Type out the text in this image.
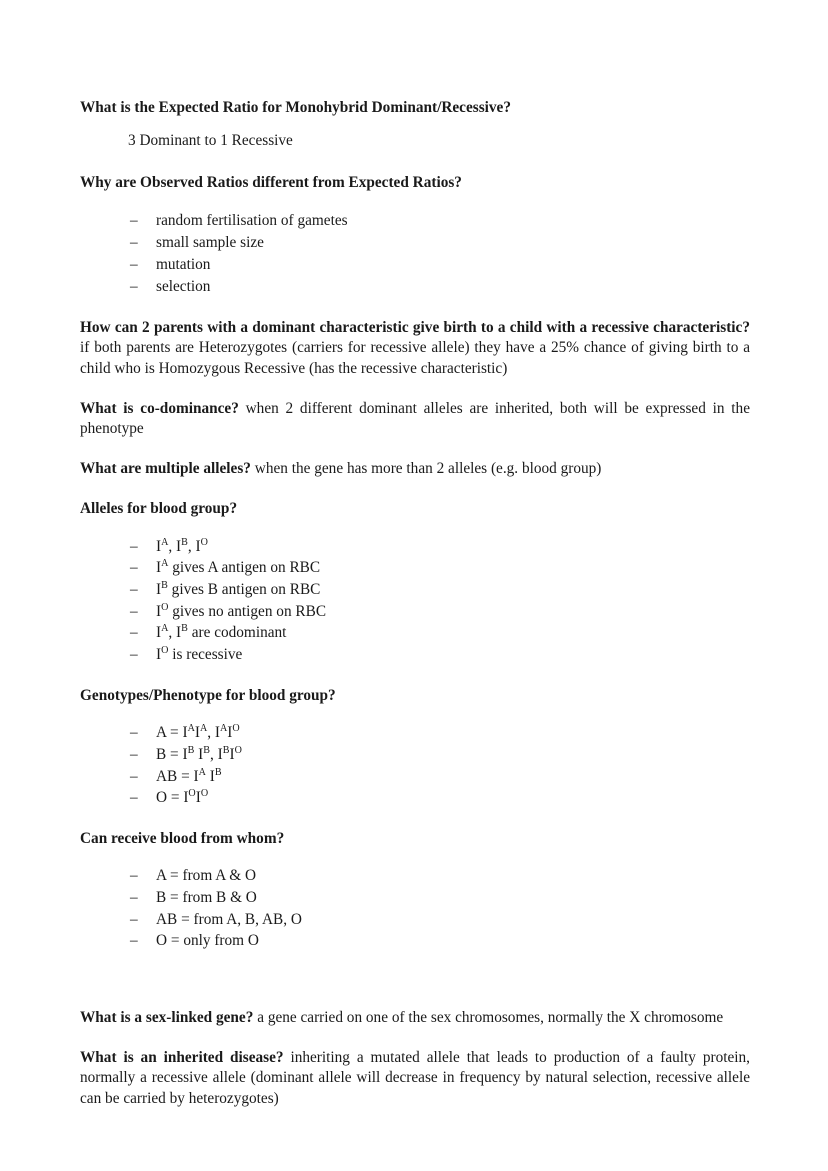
What is the Expected Ratio for Monohybrid Dominant/Recessive?

3 Dominant to 1 Recessive

Why are Observed Ratios different from Expected Ratios?

– random fertilisation of gametes
– small sample size
– mutation
– selection

How can 2 parents with a dominant characteristic give birth to a child with a recessive characteristic? if both parents are Heterozygotes (carriers for recessive allele) they have a 25% chance of giving birth to a child who is Homozygous Recessive (has the recessive characteristic)

What is co-dominance? when 2 different dominant alleles are inherited, both will be expressed in the phenotype

What are multiple alleles? when the gene has more than 2 alleles (e.g. blood group)

Alleles for blood group?

– $I^A$, $I^B$, $I^O$
– $I^A$ gives A antigen on RBC
– $I^B$ gives B antigen on RBC
– $I^O$ gives no antigen on RBC
– $I^A$, $I^B$ are codominant
– $I^O$ is recessive

Genotypes/Phenotype for blood group?

– $A = I^AI^A$, $I^AI^O$
– $B = I^B$ $I^B$, $I^BI^O$
– AB = $I^A$ $I^B$
– $O = I^OI^O$

Can receive blood from whom?

– A = from A & O
– B = from B & O
– AB = from A, B, AB, O
– O = only from O

What is a sex-linked gene? a gene carried on one of the sex chromosomes, normally the X chromosome

What is an inherited disease? inheriting a mutated allele that leads to production of a faulty protein, normally a recessive allele (dominant allele will decrease in frequency by natural selection, recessive allele can be carried by heterozygotes)
